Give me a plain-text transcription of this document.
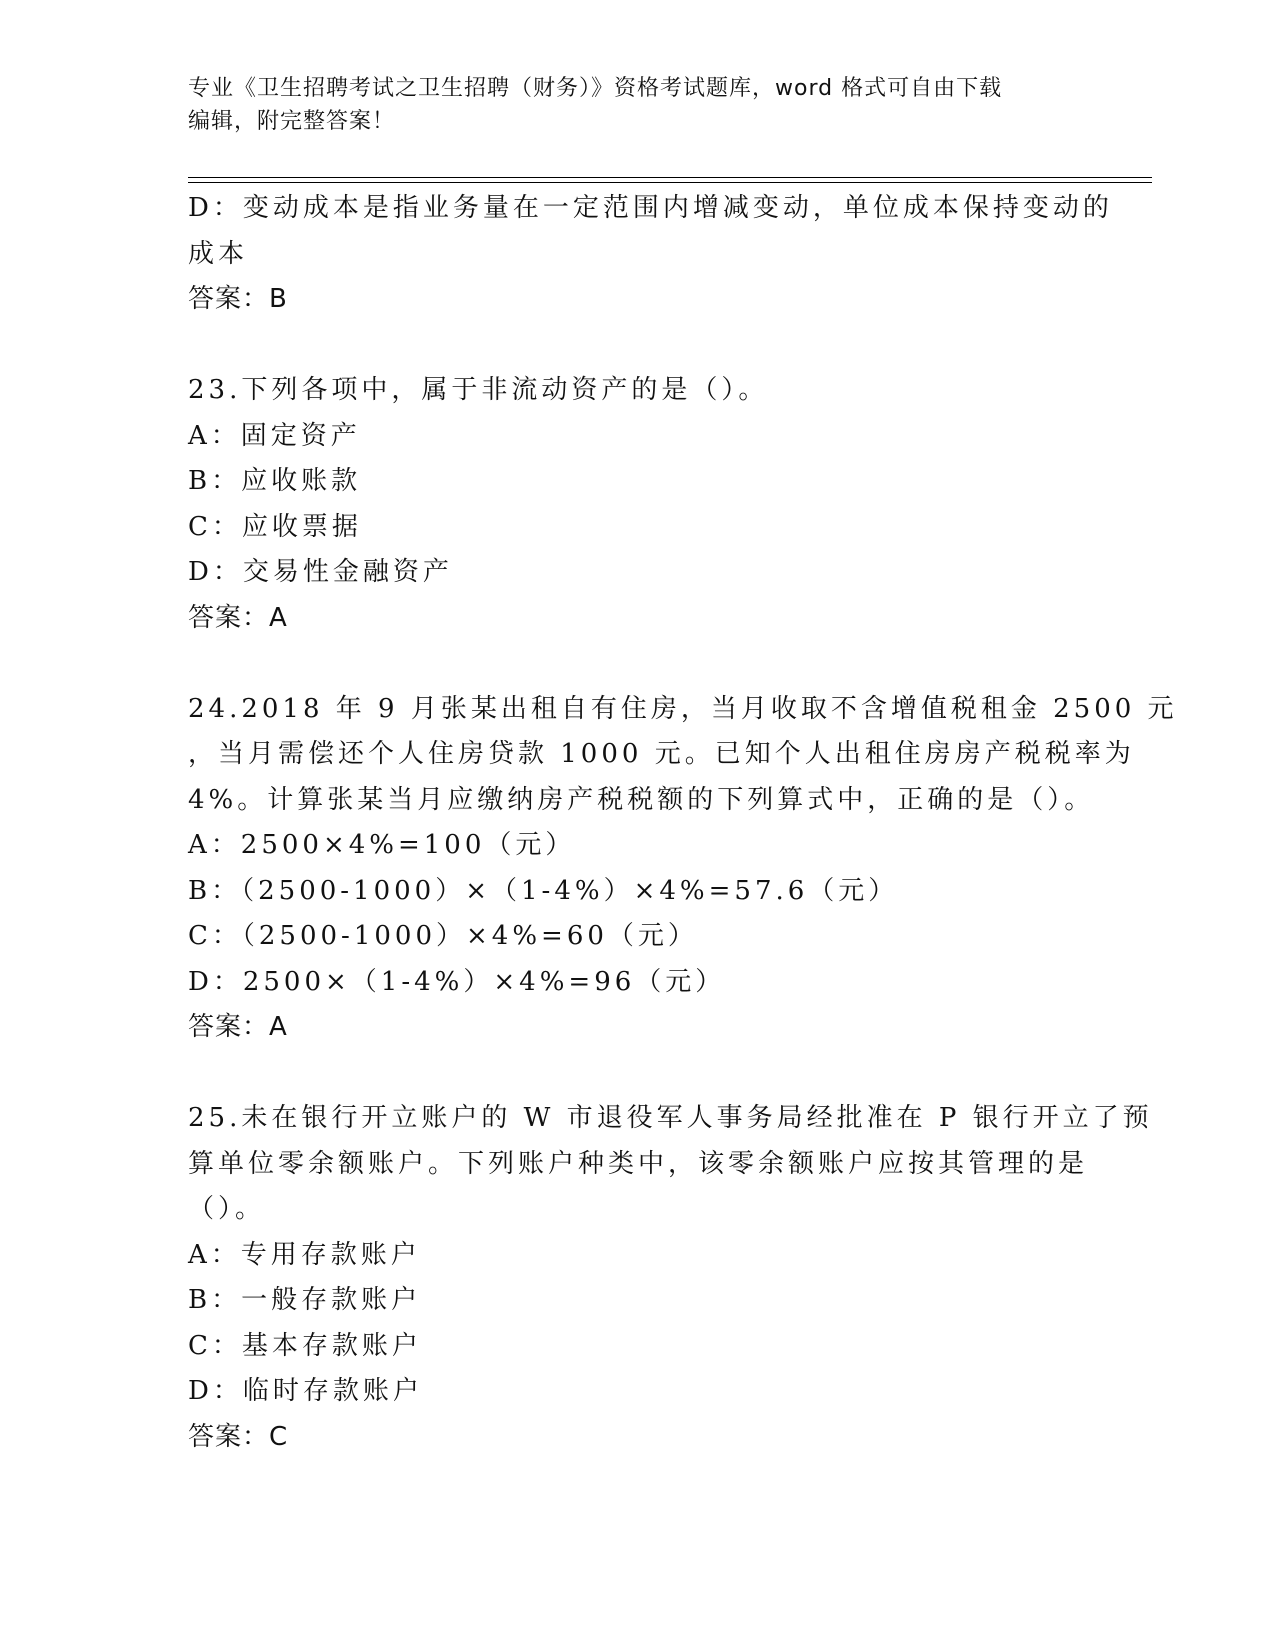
专业《卫生招聘考试之卫生招聘（财务）》资格考试题库，word 格式可自由下载
编辑，附完整答案！
D：变动成本是指业务量在一定范围内增减变动，单位成本保持变动的
成本
答案：B
23.下列各项中，属于非流动资产的是（）。
A：固定资产
B：应收账款
C：应收票据
D：交易性金融资产
答案：A
24.2018 年 9 月张某出租自有住房，当月收取不含增值税租金 2500 元
，当月需偿还个人住房贷款 1000 元。已知个人出租住房房产税税率为
4%。计算张某当月应缴纳房产税税额的下列算式中，正确的是（）。
A：2500×4%=100（元）
B：（2500-1000）×（1-4%）×4%=57.6（元）
C：（2500-1000）×4%=60（元）
D：2500×（1-4%）×4%=96（元）
答案：A
25.未在银行开立账户的 W 市退役军人事务局经批准在 P 银行开立了预
算单位零余额账户。下列账户种类中，该零余额账户应按其管理的是
（）。
A：专用存款账户
B：一般存款账户
C：基本存款账户
D：临时存款账户
答案：C
